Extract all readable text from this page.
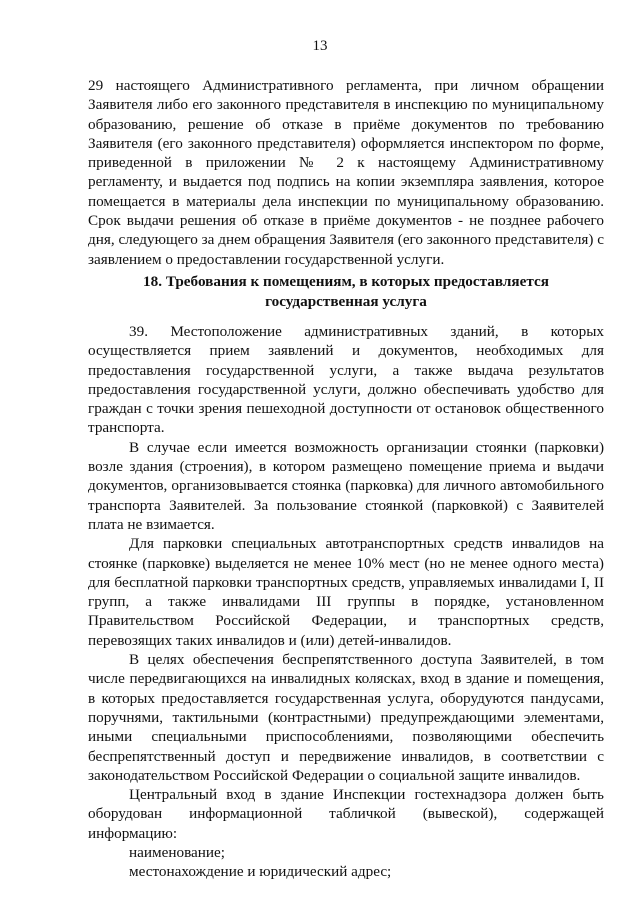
13
29 настоящего Административного регламента, при личном обращении Заявителя либо его законного представителя в инспекцию по муниципальному образованию, решение об отказе в приёме документов по требованию Заявителя (его законного представителя) оформляется инспектором по форме, приведенной в приложении № 2 к настоящему Административному регламенту, и выдается под подпись на копии экземпляра заявления, которое помещается в материалы дела инспекции по муниципальному образованию. Срок выдачи решения об отказе в приёме документов - не позднее рабочего дня, следующего за днем обращения Заявителя (его законного представителя) с заявлением о предоставлении государственной услуги.
18. Требования к помещениям, в которых предоставляется государственная услуга

39. Местоположение административных зданий, в которых осуществляется прием заявлений и документов, необходимых для предоставления государственной услуги, а также выдача результатов предоставления государственной услуги, должно обеспечивать удобство для граждан с точки зрения пешеходной доступности от остановок общественного транспорта.

В случае если имеется возможность организации стоянки (парковки) возле здания (строения), в котором размещено помещение приема и выдачи документов, организовывается стоянка (парковка) для личного автомобильного транспорта Заявителей. За пользование стоянкой (парковкой) с Заявителей плата не взимается.

Для парковки специальных автотранспортных средств инвалидов на стоянке (парковке) выделяется не менее 10% мест (но не менее одного места) для бесплатной парковки транспортных средств, управляемых инвалидами I, II групп, а также инвалидами III группы в порядке, установленном Правительством Российской Федерации, и транспортных средств, перевозящих таких инвалидов и (или) детей-инвалидов.

В целях обеспечения беспрепятственного доступа Заявителей, в том числе передвигающихся на инвалидных колясках, вход в здание и помещения, в которых предоставляется государственная услуга, оборудуются пандусами, поручнями, тактильными (контрастными) предупреждающими элементами, иными специальными приспособлениями, позволяющими обеспечить беспрепятственный доступ и передвижение инвалидов, в соответствии с законодательством Российской Федерации о социальной защите инвалидов.

Центральный вход в здание Инспекции гостехнадзора должен быть оборудован информационной табличкой (вывеской), содержащей информацию:

наименование;

местонахождение и юридический адрес;
